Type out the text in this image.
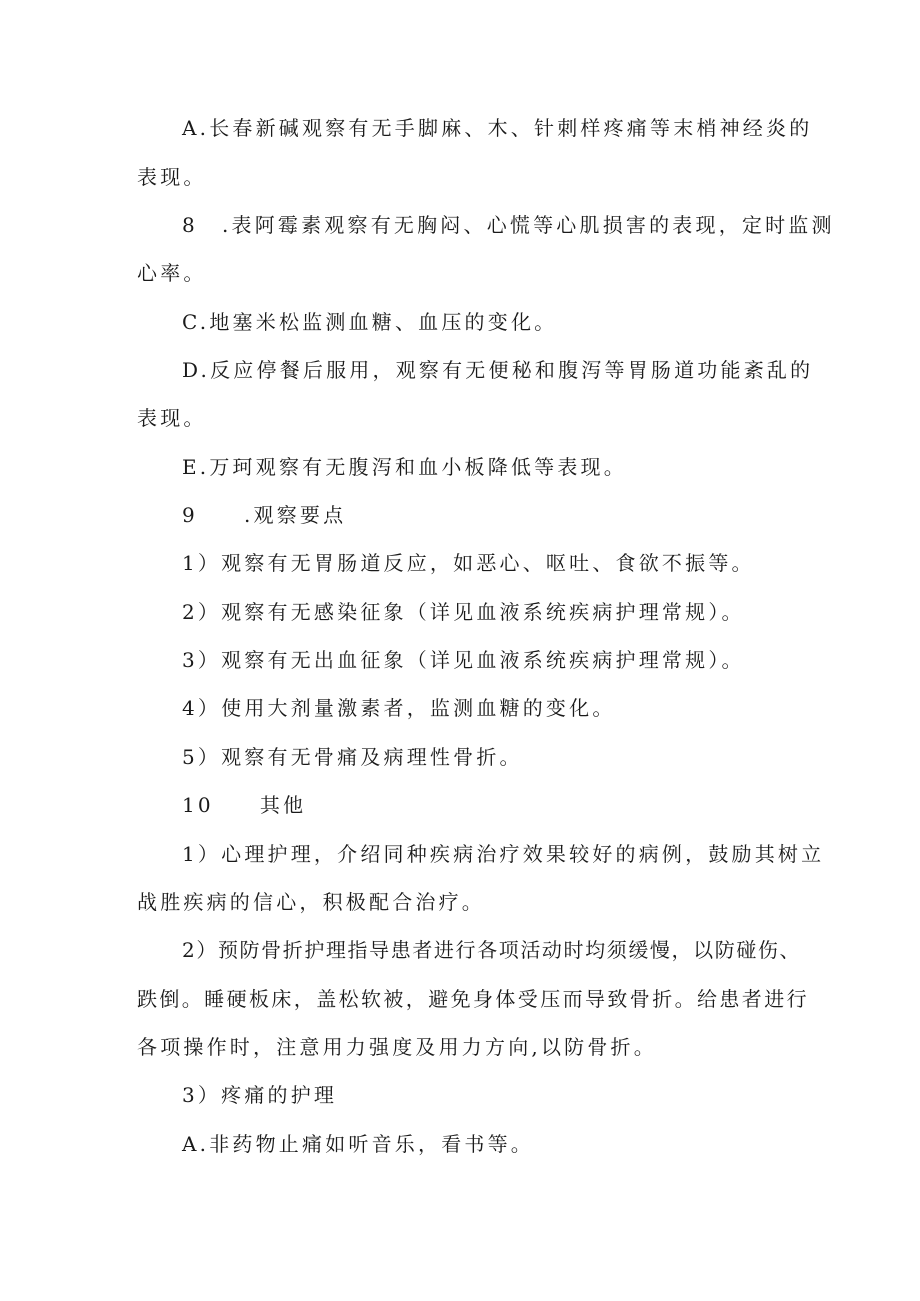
A.长春新碱观察有无手脚麻、木、针刺样疼痛等末梢神经炎的
表现。
8 .表阿霉素观察有无胸闷、心慌等心肌损害的表现，定时监测
心率。
C.地塞米松监测血糖、血压的变化。
D.反应停餐后服用，观察有无便秘和腹泻等胃肠道功能紊乱的
表现。
E.万珂观察有无腹泻和血小板降低等表现。
9 .观察要点
1）观察有无胃肠道反应，如恶心、呕吐、食欲不振等。
2）观察有无感染征象（详见血液系统疾病护理常规）。
3）观察有无出血征象（详见血液系统疾病护理常规）。
4）使用大剂量激素者，监测血糖的变化。
5）观察有无骨痛及病理性骨折。
10 其他
1）心理护理，介绍同种疾病治疗效果较好的病例，鼓励其树立
战胜疾病的信心，积极配合治疗。
2）预防骨折护理指导患者进行各项活动时均须缓慢，以防碰伤、
跌倒。睡硬板床，盖松软被，避免身体受压而导致骨折。给患者进行
各项操作时，注意用力强度及用力方向,以防骨折。
3）疼痛的护理
A.非药物止痛如听音乐，看书等。
